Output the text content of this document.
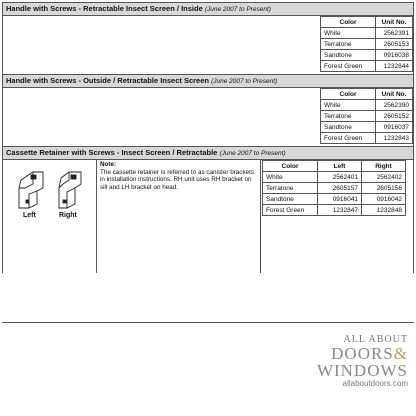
Handle with Screws - Retractable Insect Screen / Inside (June 2007 to Present)
Color	Unit No.
White	2562391
Terratone	2605153
Sandtone	0916038
Forest Green	1232844
Handle with Screws - Outside / Retractable Insect Screen (June 2007 to Present)
Color	Unit No.
White	2562390
Terratone	2605152
Sandtone	0916037
Forest Green	1232843
Cassette Retainer with Screws - Insect Screen / Retractable (June 2007 to Present)
Left	Right
Note:
The cassette retainer is referred to as canister brackets in installation instructions. RH unit uses RH bracket on sill and LH bracket on head.
Color	Left	Right
White	2562401	2562402
Terratone	2605157	2605156
Sandtone	0916041	0916042
Forest Green	1232847	1232848
ALL ABOUT
DOORS&
WINDOWS
allaboutdoors.com
